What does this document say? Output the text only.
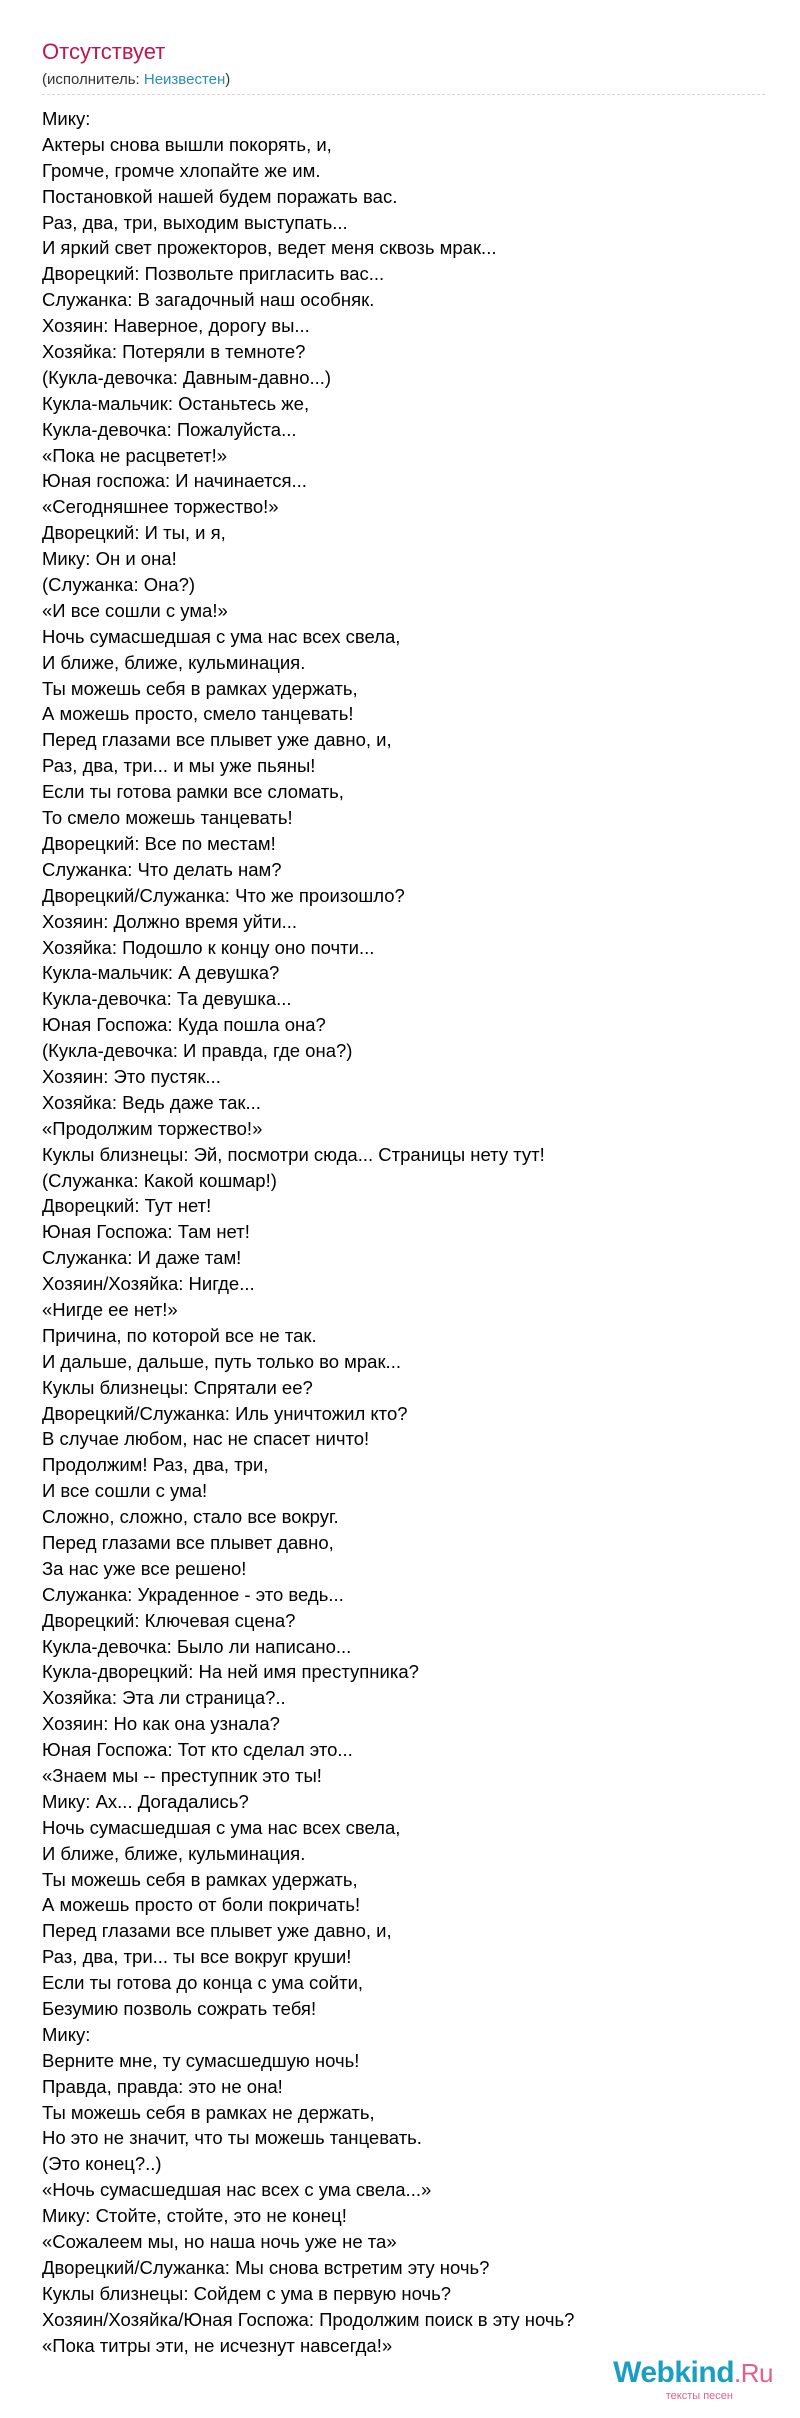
Отсутствует
(исполнитель: Неизвестен)
Мику:
Актеры снова вышли покорять, и,
Громче, громче хлопайте же им.
Постановкой нашей будем поражать вас.
Раз, два, три, выходим выступать...
И яркий свет прожекторов, ведет меня сквозь мрак...
Дворецкий: Позвольте пригласить вас...
Служанка: В загадочный наш особняк.
Хозяин: Наверное, дорогу вы...
Хозяйка: Потеряли в темноте?
(Кукла-девочка: Давным-давно...)
Кукла-мальчик: Останьтесь же,
Кукла-девочка: Пожалуйста...
«Пока не расцветет!»
Юная госпожа: И начинается...
«Сегодняшнее торжество!»
Дворецкий: И ты, и я,
Мику: Он и она!
(Служанка: Она?)
«И все сошли с ума!»
Ночь сумасшедшая с ума нас всех свела,
И ближе, ближе, кульминация.
Ты можешь себя в рамках удержать,
А можешь просто, смело танцевать!
Перед глазами все плывет уже давно, и,
Раз, два, три... и мы уже пьяны!
Если ты готова рамки все сломать,
То смело можешь танцевать!
Дворецкий: Все по местам!
Служанка: Что делать нам?
Дворецкий/Служанка: Что же произошло?
Хозяин: Должно время уйти...
Хозяйка: Подошло к концу оно почти...
Кукла-мальчик: А девушка?
Кукла-девочка: Та девушка...
Юная Госпожа: Куда пошла она?
(Кукла-девочка: И правда, где она?)
Хозяин: Это пустяк...
Хозяйка: Ведь даже так...
«Продолжим торжество!»
Куклы близнецы: Эй, посмотри сюда... Страницы нету тут!
(Служанка: Какой кошмар!)
Дворецкий: Тут нет!
Юная Госпожа: Там нет!
Служанка: И даже там!
Хозяин/Хозяйка: Нигде...
«Нигде ее нет!»
Причина, по которой все не так.
И дальше, дальше, путь только во мрак...
Куклы близнецы: Спрятали ее?
Дворецкий/Служанка: Иль уничтожил кто?
В случае любом, нас не спасет ничто!
Продолжим! Раз, два, три,
И все сошли с ума!
Сложно, сложно, стало все вокруг.
Перед глазами все плывет давно,
За нас уже все решено!
Служанка: Украденное - это ведь...
Дворецкий: Ключевая сцена?
Кукла-девочка: Было ли написано...
Кукла-дворецкий: На ней имя преступника?
Хозяйка: Эта ли страница?..
Хозяин: Но как она узнала?
Юная Госпожа: Тот кто сделал это...
«Знаем мы -- преступник это ты!
Мику: Ах... Догадались?
Ночь сумасшедшая с ума нас всех свела,
И ближе, ближе, кульминация.
Ты можешь себя в рамках удержать,
А можешь просто от боли покричать!
Перед глазами все плывет уже давно, и,
Раз, два, три... ты все вокруг круши!
Если ты готова до конца с ума сойти,
Безумию позволь сожрать тебя!
Мику:
Верните мне, ту сумасшедшую ночь!
Правда, правда: это не она!
Ты можешь себя в рамках не держать,
Но это не значит, что ты можешь танцевать.
(Это конец?..)
«Ночь сумасшедшая нас всех с ума свела...»
Мику: Стойте, стойте, это не конец!
«Сожалеем мы, но наша ночь уже не та»
Дворецкий/Служанка: Мы снова встретим эту ночь?
Куклы близнецы: Сойдем с ума в первую ночь?
Хозяин/Хозяйка/Юная Госпожа: Продолжим поиск в эту ночь?
«Пока титры эти, не исчезнут навсегда!»
Webkind.Ru
тексты песен
